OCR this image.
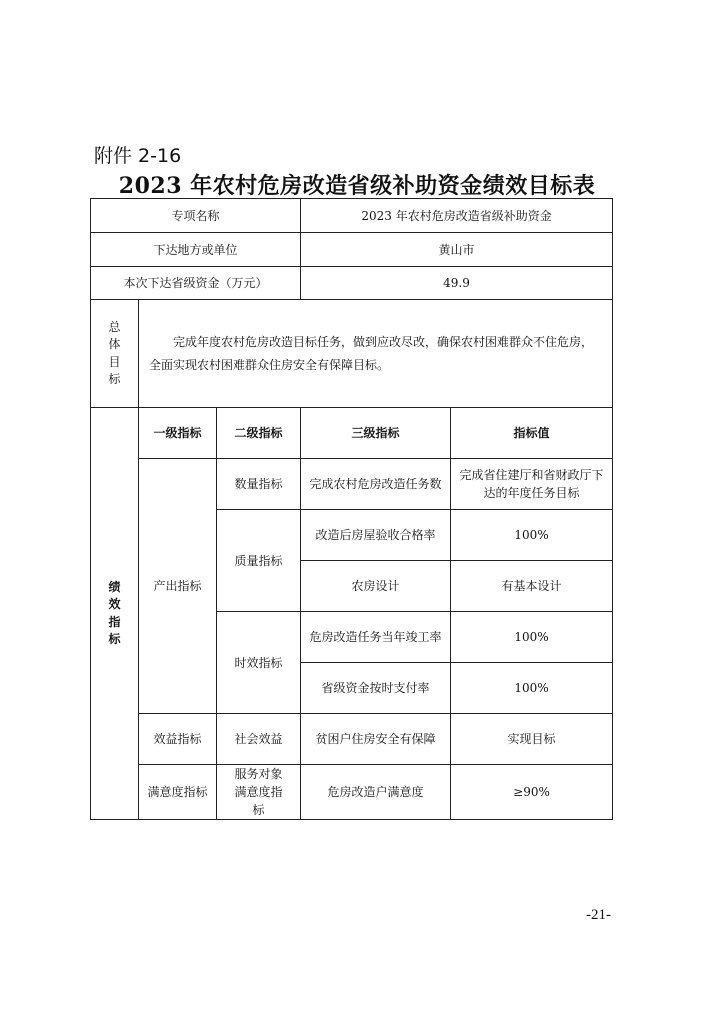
附件 2-16
2023 年农村危房改造省级补助资金绩效目标表
专项名称			2023 年农村危房改造省级补助资金	
下达地方或单位			黄山市	
本次下达省级资金（万元）			49.9	

总
体
目
标	完成年度农村危房改造目标任务，做到应改尽改，确保农村困难群众不住危房，全面实现农村困难群众住房安全有保障目标。			

绩
效
指
标	一级指标	二级指标	三级指标	指标值
	产出指标	数量指标	完成农村危房改造任务数	完成省住建厅和省财政厅下达的年度任务目标
		质量指标	改造后房屋验收合格率	100%
			农房设计	有基本设计
		时效指标	危房改造任务当年竣工率	100%
			省级资金按时支付率	100%
	效益指标	社会效益	贫困户住房安全有保障	实现目标
	满意度指标	服务对象满意度指标	危房改造户满意度	≥90%
-21-
